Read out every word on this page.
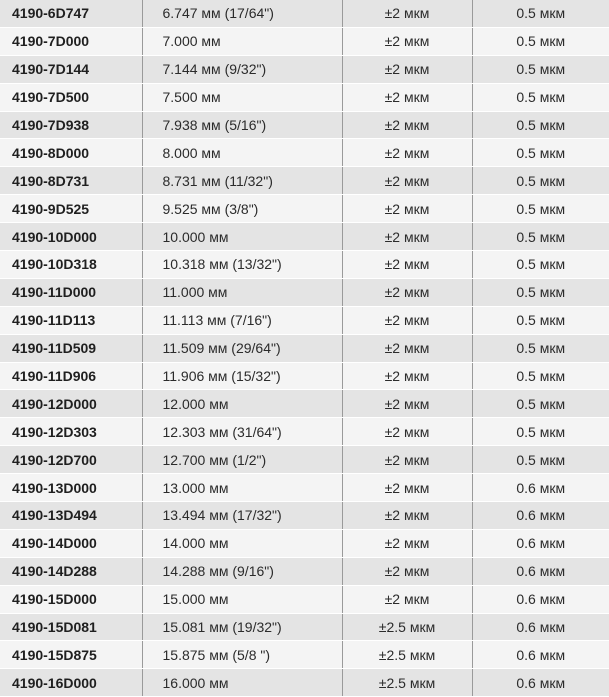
4190-6D747	6.747 мм (17/64")	±2 мкм	0.5 мкм
4190-7D000	7.000 мм	±2 мкм	0.5 мкм
4190-7D144	7.144 мм (9/32")	±2 мкм	0.5 мкм
4190-7D500	7.500 мм	±2 мкм	0.5 мкм
4190-7D938	7.938 мм (5/16")	±2 мкм	0.5 мкм
4190-8D000	8.000 мм	±2 мкм	0.5 мкм
4190-8D731	8.731 мм (11/32")	±2 мкм	0.5 мкм
4190-9D525	9.525 мм (3/8")	±2 мкм	0.5 мкм
4190-10D000	10.000 мм	±2 мкм	0.5 мкм
4190-10D318	10.318 мм (13/32")	±2 мкм	0.5 мкм
4190-11D000	11.000 мм	±2 мкм	0.5 мкм
4190-11D113	11.113 мм (7/16")	±2 мкм	0.5 мкм
4190-11D509	11.509 мм (29/64")	±2 мкм	0.5 мкм
4190-11D906	11.906 мм (15/32")	±2 мкм	0.5 мкм
4190-12D000	12.000 мм	±2 мкм	0.5 мкм
4190-12D303	12.303 мм (31/64")	±2 мкм	0.5 мкм
4190-12D700	12.700 мм (1/2")	±2 мкм	0.5 мкм
4190-13D000	13.000 мм	±2 мкм	0.6 мкм
4190-13D494	13.494 мм (17/32")	±2 мкм	0.6 мкм
4190-14D000	14.000 мм	±2 мкм	0.6 мкм
4190-14D288	14.288 мм (9/16")	±2 мкм	0.6 мкм
4190-15D000	15.000 мм	±2 мкм	0.6 мкм
4190-15D081	15.081 мм (19/32")	±2.5 мкм	0.6 мкм
4190-15D875	15.875 мм (5/8 ")	±2.5 мкм	0.6 мкм
4190-16D000	16.000 мм	±2.5 мкм	0.6 мкм
